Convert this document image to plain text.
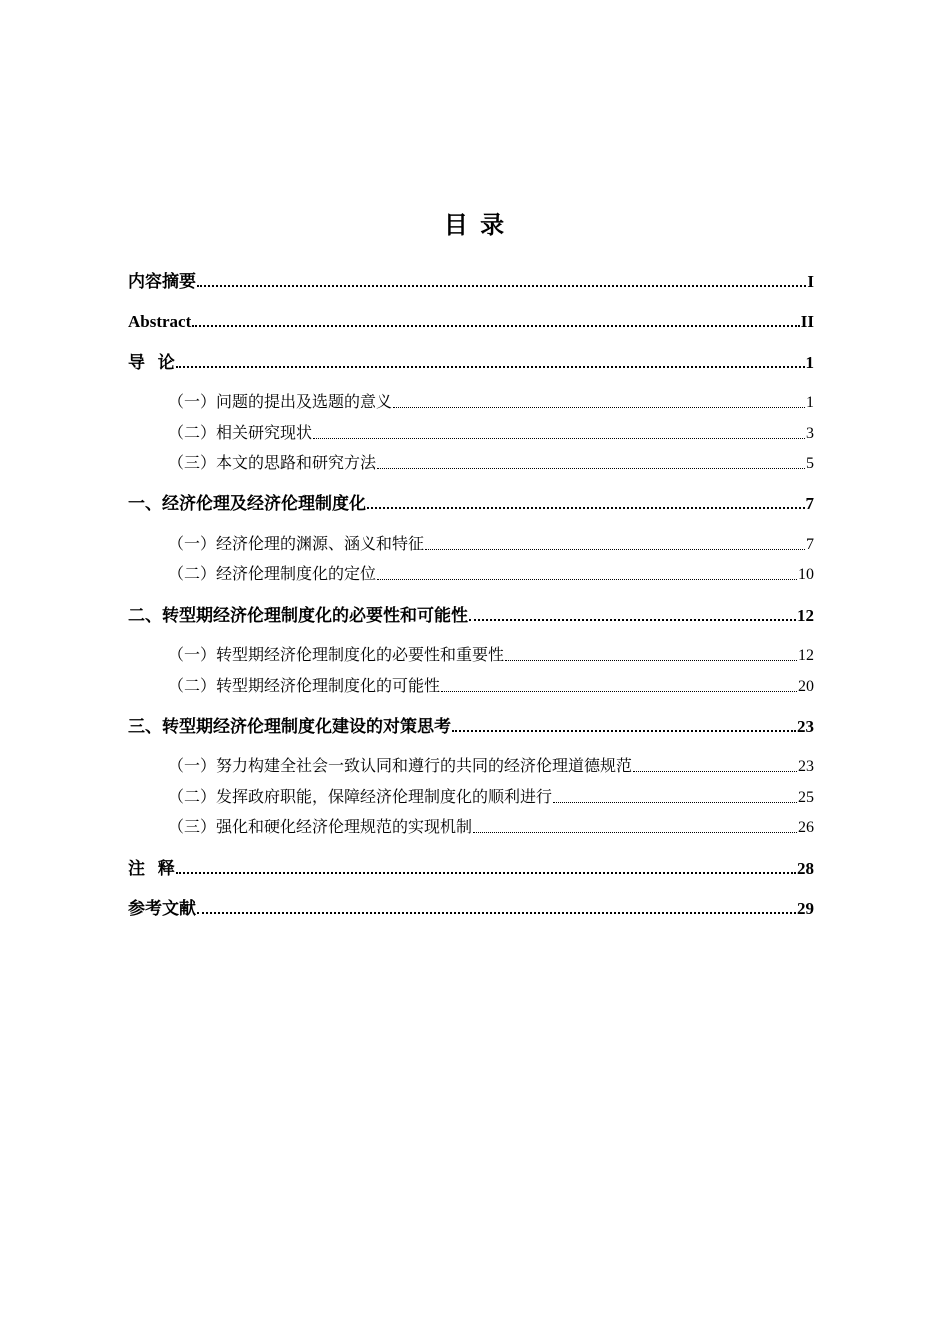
目 录
内容摘要	I
Abstract	II
导   论	1
（一）问题的提出及选题的意义	1
（二）相关研究现状	3
（三）本文的思路和研究方法	5
一、经济伦理及经济伦理制度化	7
（一）经济伦理的渊源、涵义和特征	7
（二）经济伦理制度化的定位	10
二、转型期经济伦理制度化的必要性和可能性	12
（一）转型期经济伦理制度化的必要性和重要性	12
（二）转型期经济伦理制度化的可能性	20
三、转型期经济伦理制度化建设的对策思考	23
（一）努力构建全社会一致认同和遵行的共同的经济伦理道德规范	23
（二）发挥政府职能，保障经济伦理制度化的顺利进行	25
（三）强化和硬化经济伦理规范的实现机制	26
注   释	28
参考文献	29
